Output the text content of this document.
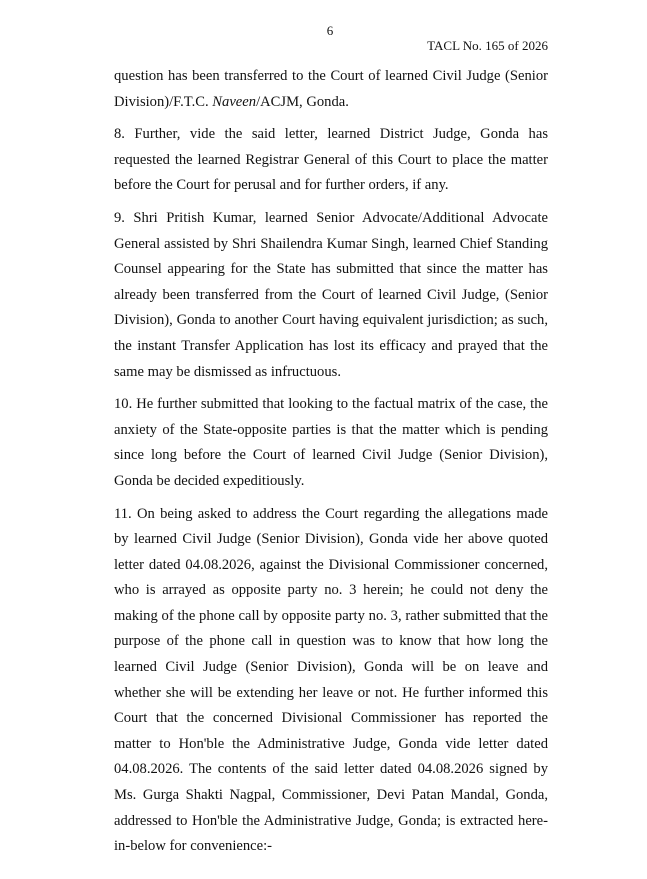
6
TACL No. 165 of 2026

question has been transferred to the Court of learned Civil Judge (Senior Division)/F.T.C. Naveen/ACJM, Gonda.

8. Further, vide the said letter, learned District Judge, Gonda has requested the learned Registrar General of this Court to place the matter before the Court for perusal and for further orders, if any.

9. Shri Pritish Kumar, learned Senior Advocate/Additional Advocate General assisted by Shri Shailendra Kumar Singh, learned Chief Standing Counsel appearing for the State has submitted that since the matter has already been transferred from the Court of learned Civil Judge, (Senior Division), Gonda to another Court having equivalent jurisdiction; as such, the instant Transfer Application has lost its efficacy and prayed that the same may be dismissed as infructuous.

10. He further submitted that looking to the factual matrix of the case, the anxiety of the State-opposite parties is that the matter which is pending since long before the Court of learned Civil Judge (Senior Division), Gonda be decided expeditiously.

11. On being asked to address the Court regarding the allegations made by learned Civil Judge (Senior Division), Gonda vide her above quoted letter dated 04.08.2026, against the Divisional Commissioner concerned, who is arrayed as opposite party no. 3 herein; he could not deny the making of the phone call by opposite party no. 3, rather submitted that the purpose of the phone call in question was to know that how long the learned Civil Judge (Senior Division), Gonda will be on leave and whether she will be extending her leave or not. He further informed this Court that the concerned Divisional Commissioner has reported the matter to Hon'ble the Administrative Judge, Gonda vide letter dated 04.08.2026. The contents of the said letter dated 04.08.2026 signed by Ms. Gurga Shakti Nagpal, Commissioner, Devi Patan Mandal, Gonda, addressed to Hon'ble the Administrative Judge, Gonda; is extracted here-in-below for convenience:-
